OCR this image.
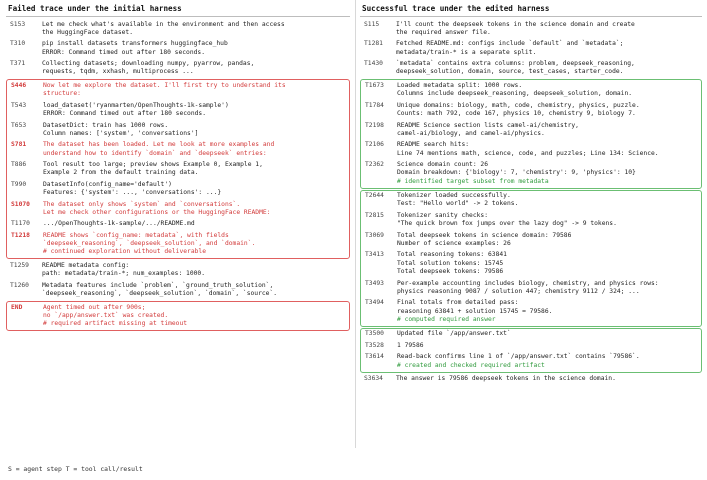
Failed trace under the initial harness
S153	Let me check what's available in the environment and then access
the HuggingFace dataset.
T310	pip install datasets transformers huggingface_hub
ERROR: Command timed out after 180 seconds.
T371	Collecting datasets; downloading numpy, pyarrow, pandas,
requests, tqdm, xxhash, multiprocess ...
S446	Now let me explore the dataset. I'll first try to understand its
structure:
T543	load_dataset('ryanmarten/OpenThoughts-1k-sample')
ERROR: Command timed out after 180 seconds.
T653	DatasetDict: train has 1000 rows.
Column names: ['system', 'conversations']
S781	The dataset has been loaded. Let me look at more examples and
understand how to identify `domain` and `deepseek` entries:
T886	Tool result too large; preview shows Example 0, Example 1,
Example 2 from the default training data.
T990	DatasetInfo(config_name='default')
Features: {'system': ..., 'conversations': ...}
S1070	The dataset only shows `system` and `conversations`.
Let me check other configurations or the HuggingFace README:
T1170	.../OpenThoughts-1k-sample/.../README.md
T1218	README shows `config_name: metadata`, with fields
`deepseek_reasoning`, `deepseek_solution`, and `domain`.
# continued exploration without deliverable
T1259	README metadata config:
path: metadata/train-*; num_examples: 1000.
T1260	Metadata features include `problem`, `ground_truth_solution`,
`deepseek_reasoning`, `deepseek_solution`, `domain`, `source`.
END	Agent timed out after 900s;
no `/app/answer.txt` was created.
# required artifact missing at timeout
Successful trace under the edited harness
S115	I'll count the deepseek tokens in the science domain and create
the required answer file.
T1281	Fetched README.md: configs include `default` and `metadata`;
metadata/train-* is a separate split.
T1430	`metadata` contains extra columns: problem, deepseek_reasoning,
deepseek_solution, domain, source, test_cases, starter_code.
T1673	Loaded metadata split: 1000 rows.
Columns include deepseek_reasoning, deepseek_solution, domain.
T1784	Unique domains: biology, math, code, chemistry, physics, puzzle.
Counts: math 792, code 167, physics 10, chemistry 9, biology 7.
T2198	README Science section lists camel-ai/chemistry,
camel-ai/biology, and camel-ai/physics.
T2106	README search hits:
Line 74 mentions math, science, code, and puzzles; Line 134: Science.
T2362	Science domain count: 26
Domain breakdown: {'biology': 7, 'chemistry': 9, 'physics': 10}
# identified target subset from metadata
T2644	Tokenizer loaded successfully.
Test: "Hello world" -> 2 tokens.
T2815	Tokenizer sanity checks:
"The quick brown fox jumps over the lazy dog" -> 9 tokens.
T3069	Total deepseek tokens in science domain: 79586
Number of science examples: 26
T3413	Total reasoning tokens: 63841
Total solution tokens: 15745
Total deepseek tokens: 79586
T3493	Per-example accounting includes biology, chemistry, and physics rows:
physics reasoning 9087 / solution 447; chemistry 9112 / 324; ...
T3494	Final totals from detailed pass:
reasoning 63841 + solution 15745 = 79586.
# computed required answer
T3500	Updated file `/app/answer.txt`
T3528	1 79586
T3614	Read-back confirms line 1 of `/app/answer.txt` contains `79586`.
# created and checked required artifact
S3634	The answer is 79586 deepseek tokens in the science domain.
S = agent step T = tool call/result
